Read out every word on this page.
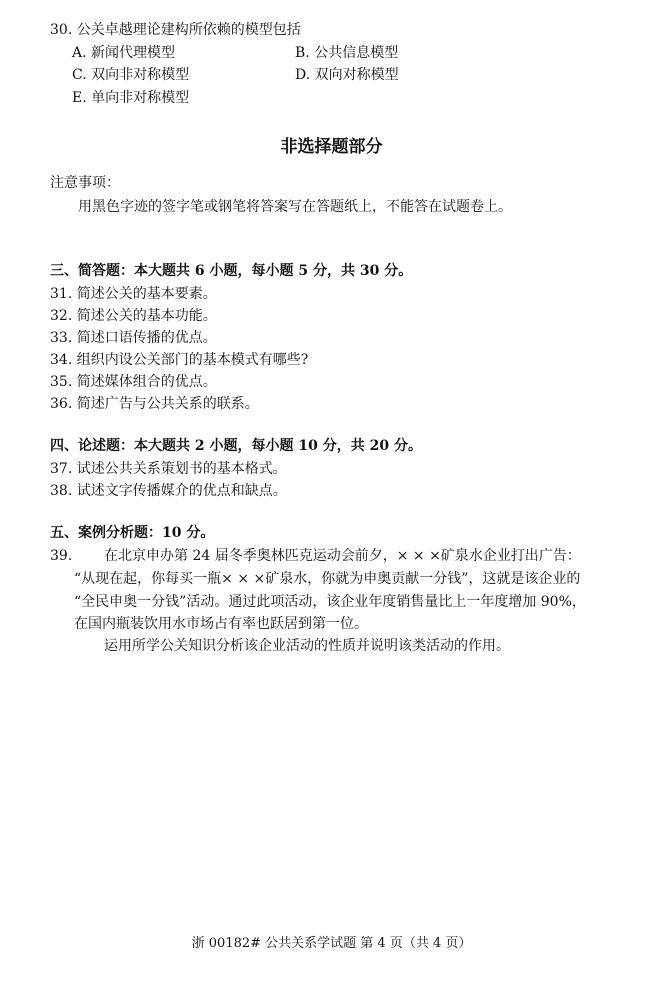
30. 公关卓越理论建构所依赖的模型包括
A. 新闻代理模型	B. 公共信息模型
C. 双向非对称模型	D. 双向对称模型
E. 单向非对称模型
非选择题部分
注意事项：
用黑色字迹的签字笔或钢笔将答案写在答题纸上，不能答在试题卷上。
三、简答题：本大题共 6 小题，每小题 5 分，共 30 分。
31. 简述公关的基本要素。
32. 简述公关的基本功能。
33. 简述口语传播的优点。
34. 组织内设公关部门的基本模式有哪些?
35. 简述媒体组合的优点。
36. 简述广告与公共关系的联系。
四、论述题：本大题共 2 小题，每小题 10 分，共 20 分。
37. 试述公共关系策划书的基本格式。
38. 试述文字传播媒介的优点和缺点。
五、案例分析题：10 分。
39. 在北京申办第 24 届冬季奥林匹克运动会前夕，× × ×矿泉水企业打出广告：
“从现在起，你每买一瓶× × ×矿泉水，你就为申奥贡献一分钱”，这就是该企业的
“全民申奥一分钱”活动。通过此项活动，该企业年度销售量比上一年度增加 90%，
在国内瓶装饮用水市场占有率也跃居到第一位。
运用所学公关知识分析该企业活动的性质并说明该类活动的作用。
浙 00182# 公共关系学试题 第 4 页（共 4 页）
